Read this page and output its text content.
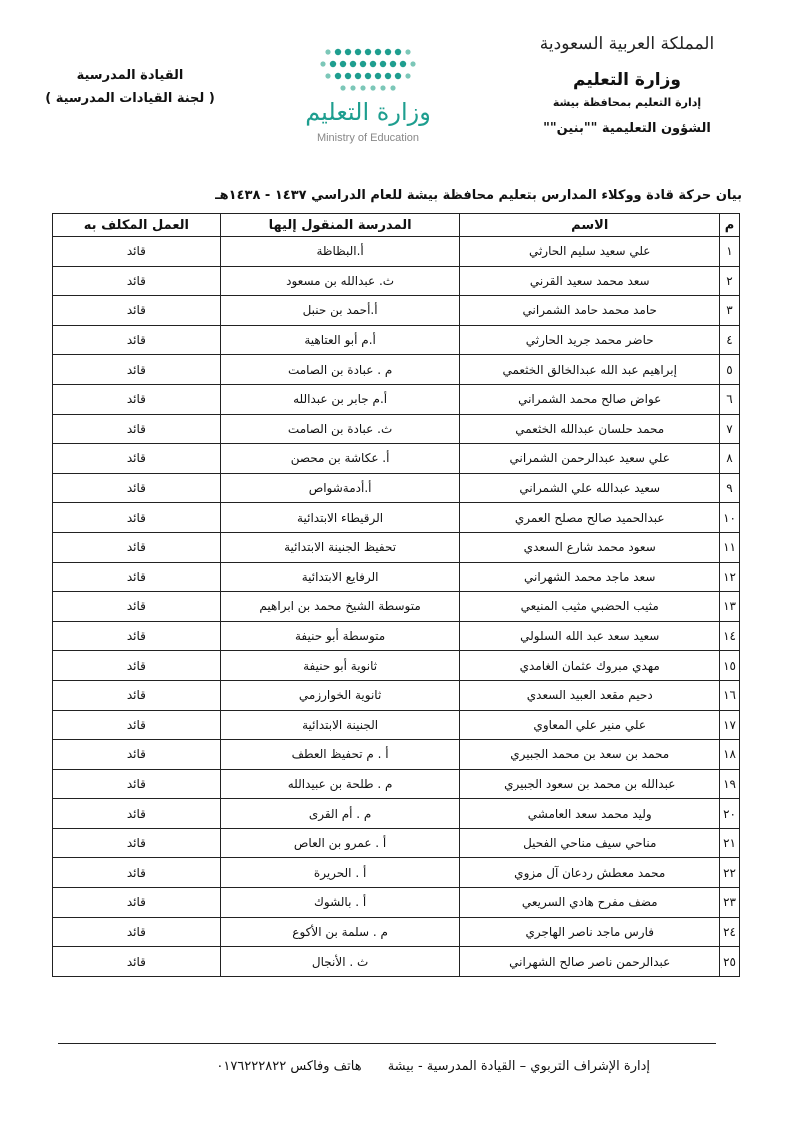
المملكة العربية السعودية
وزارة التعليم
إدارة التعليم بمحافظة بيشة
الشؤون التعليمية ""بنين""
وزارة التعليم
Ministry of Education
القيادة المدرسية
( لجنة القيادات المدرسية )
بيان حركة قادة ووكلاء المدارس بتعليم محافظة بيشة للعام الدراسي ١٤٣٧ - ١٤٣٨هـ
م	الاسم	المدرسة المنقول إليها	العمل المكلف به
١	علي سعيد سليم الحارثي	أ.البظاظة	قائد
٢	سعد محمد سعيد القرني	ث. عبدالله بن مسعود	قائد
٣	حامد محمد حامد الشمراني	أ.أحمد بن حنبل	قائد
٤	حاضر محمد جريد الحارثي	أ.م أبو العتاهية	قائد
٥	إبراهيم عبد الله عبدالخالق الخثعمي	م . عبادة بن الصامت	قائد
٦	عواض صالح محمد الشمراني	أ.م جابر بن عبدالله	قائد
٧	محمد حلسان عبدالله الخثعمي	ث. عبادة بن الصامت	قائد
٨	علي سعيد عبدالرحمن الشمراني	أ. عكاشة بن محصن	قائد
٩	سعيد عبدالله علي الشمراني	أ.أدمةشواص	قائد
١٠	عبدالحميد صالح مصلح العمري	الرقيطاء الابتدائية	قائد
١١	سعود محمد شارع السعدي	تحفيظ الجنينة الابتدائية	قائد
١٢	سعد ماجد محمد الشهراني	الرفايع الابتدائية	قائد
١٣	مثيب الحضبي مثيب المنيعي	متوسطة الشيخ محمد بن ابراهيم	قائد
١٤	سعيد سعد عبد الله السلولي	متوسطة أبو حنيفة	قائد
١٥	مهدي مبروك عثمان الغامدي	ثانوية أبو حنيفة	قائد
١٦	دحيم مقعد العبيد السعدي	ثانوية الخوارزمي	قائد
١٧	علي منير علي المعاوي	الجنينة الابتدائية	قائد
١٨	محمد بن سعد بن محمد الجبيري	أ . م تحفيظ العطف	قائد
١٩	عبدالله بن محمد بن سعود الجبيري	م . طلحة بن عبيدالله	قائد
٢٠	وليد محمد سعد العامشي	م . أم القرى	قائد
٢١	مناحي سيف مناحي الفحيل	أ . عمرو بن العاص	قائد
٢٢	محمد معطش ردعان آل مزوي	أ . الحريرة	قائد
٢٣	مضف مفرح هادي السريعي	أ . بالشوك	قائد
٢٤	فارس ماجد ناصر الهاجري	م . سلمة بن الأكوع	قائد
٢٥	عبدالرحمن ناصر صالح الشهراني	ث . الأنجال	قائد
إدارة الإشراف التربوي – القيادة المدرسية - بيشة هاتف وفاكس ٠١٧٦٢٢٢٨٢٢
